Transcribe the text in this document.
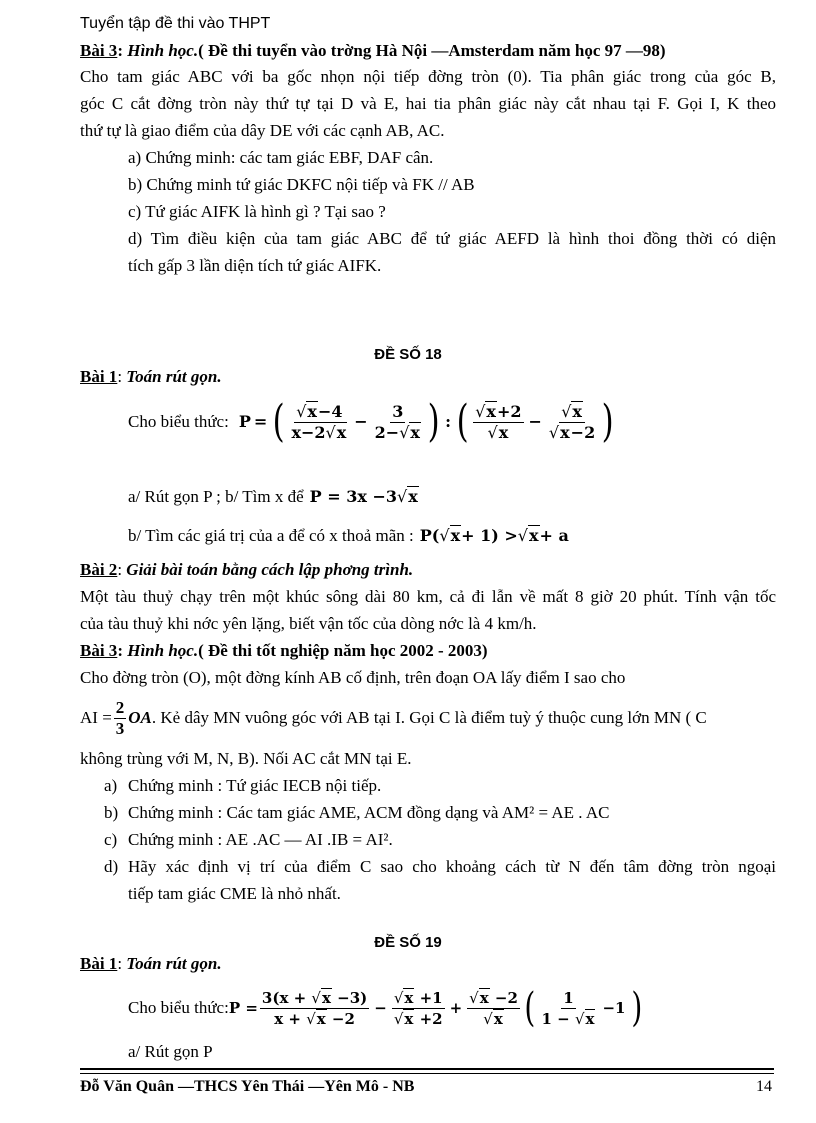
Tuyển tập đề thi vào THPT
Bài 3: Hình học.( Đề thi tuyển vào trờng Hà Nội —Amsterdam năm học 97 —98)
Cho tam giác ABC với ba gốc nhọn nội tiếp đờng tròn (0). Tia phân giác trong của góc B,
góc C cắt đờng tròn này thứ tự tại D và E, hai tia phân giác này cắt nhau tại F. Gọi I, K theo
thứ tự là giao điểm của dây DE với các cạnh AB, AC.
a) Chứng minh: các tam giác EBF, DAF cân.
b) Chứng minh tứ giác DKFC nội tiếp và FK // AB
c) Tứ giác AIFK là hình gì ? Tại sao ?
d) Tìm điều kiện của tam giác ABC để tứ giác AEFD là hình thoi đồng thời có diện
tích gấp 3 lần diện tích tứ giác AIFK.
ĐỀ SỐ 18
Bài 1: Toán rút gọn.
Cho biểu thức: P = ( $\frac{√x-4}{x-2√x} - \frac{3}{2-√x}$ ) : ( $\frac{√x+2}{√x} - \frac{√x}{√x-2}$ )
a/ Rút gọn P ; b/ Tìm x để P = 3x −3 √x
b/ Tìm các giá trị của a để có x thoả mãn : P( √x + 1) > √x + a
Bài 2: Giải bài toán bằng cách lập phơng trình.
Một tàu thuỷ chạy trên một khúc sông dài 80 km, cả đi lẫn về mất 8 giờ 20 phút. Tính vận tốc
của tàu thuỷ khi nớc yên lặng, biết vận tốc của dòng nớc là 4 km/h.
Bài 3: Hình học.( Đề thi tốt nghiệp năm học 2002 - 2003)
Cho đờng tròn (O), một đờng kính AB cố định, trên đoạn OA lấy điểm I sao cho
AI = $\frac{2}{3}$ OA . Kẻ dây MN vuông góc với AB tại I. Gọi C là điểm tuỳ ý thuộc cung lớn MN ( C
không trùng với M, N, B). Nối AC cắt MN tại E.
a) Chứng minh : Tứ giác IECB nội tiếp.
b) Chứng minh : Các tam giác AME, ACM đồng dạng và AM² = AE . AC
c) Chứng minh : AE .AC — AI .IB = AI².
d) Hãy xác định vị trí của điểm C sao cho khoảng cách từ N đến tâm đờng tròn ngoại
tiếp tam giác CME là nhỏ nhất.
ĐỀ SỐ 19
Bài 1: Toán rút gọn.
Cho biểu thức: $P = \frac{3(x + √x -3)}{x + √x -2} - \frac{√x +1}{√x +2} + \frac{√x -2}{√x}$ ( $\frac{1}{1 - √x} -1$ )
a/ Rút gọn P
Đỗ Văn Quân —THCS Yên Thái —Yên Mô - NB	14
